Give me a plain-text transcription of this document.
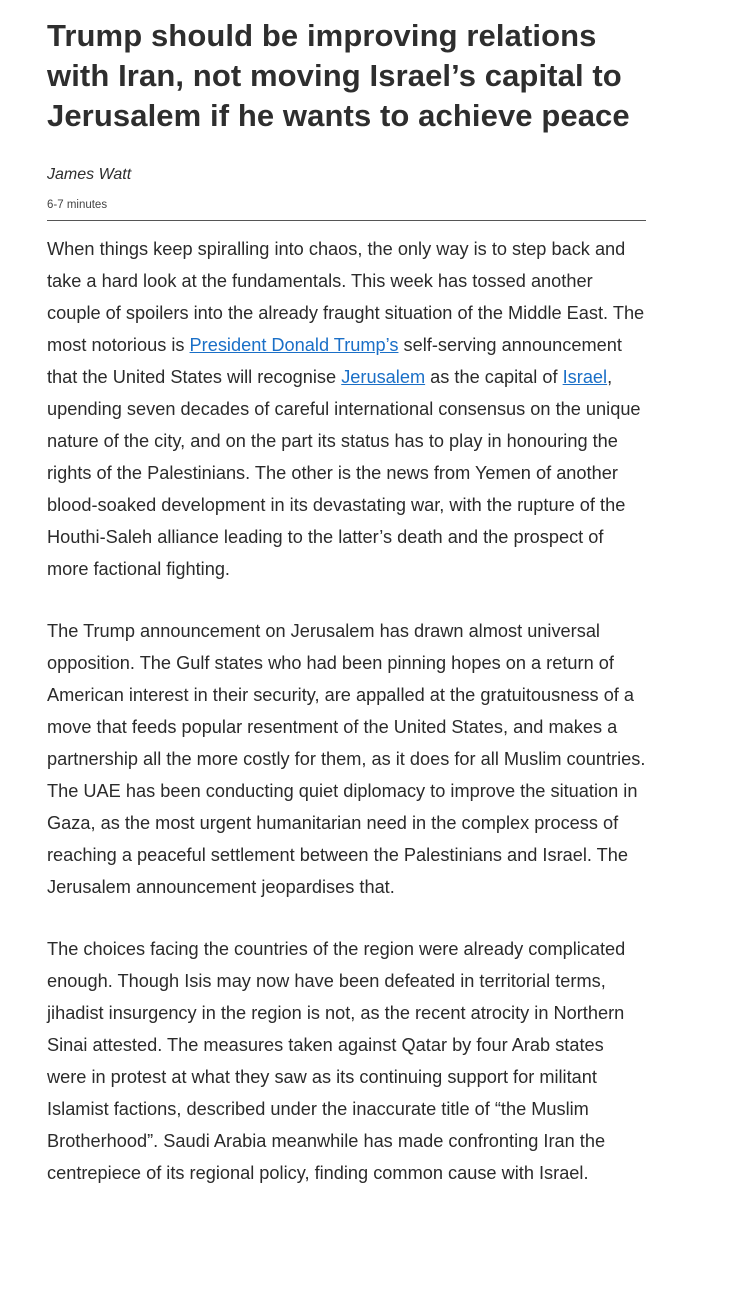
Trump should be improving relations with Iran, not moving Israel’s capital to Jerusalem if he wants to achieve peace
James Watt
6-7 minutes

When things keep spiralling into chaos, the only way is to step back and take a hard look at the fundamentals. This week has tossed another couple of spoilers into the already fraught situation of the Middle East. The most notorious is President Donald Trump’s self-serving announcement that the United States will recognise Jerusalem as the capital of Israel, upending seven decades of careful international consensus on the unique nature of the city, and on the part its status has to play in honouring the rights of the Palestinians. The other is the news from Yemen of another blood-soaked development in its devastating war, with the rupture of the Houthi-Saleh alliance leading to the latter’s death and the prospect of more factional fighting.

The Trump announcement on Jerusalem has drawn almost universal opposition. The Gulf states who had been pinning hopes on a return of American interest in their security, are appalled at the gratuitousness of a move that feeds popular resentment of the United States, and makes a partnership all the more costly for them, as it does for all Muslim countries. The UAE has been conducting quiet diplomacy to improve the situation in Gaza, as the most urgent humanitarian need in the complex process of reaching a peaceful settlement between the Palestinians and Israel. The Jerusalem announcement jeopardises that.

The choices facing the countries of the region were already complicated enough. Though Isis may now have been defeated in territorial terms, jihadist insurgency in the region is not, as the recent atrocity in Northern Sinai attested. The measures taken against Qatar by four Arab states were in protest at what they saw as its continuing support for militant Islamist factions, described under the inaccurate title of “the Muslim Brotherhood”. Saudi Arabia meanwhile has made confronting Iran the centrepiece of its regional policy, finding common cause with Israel.
